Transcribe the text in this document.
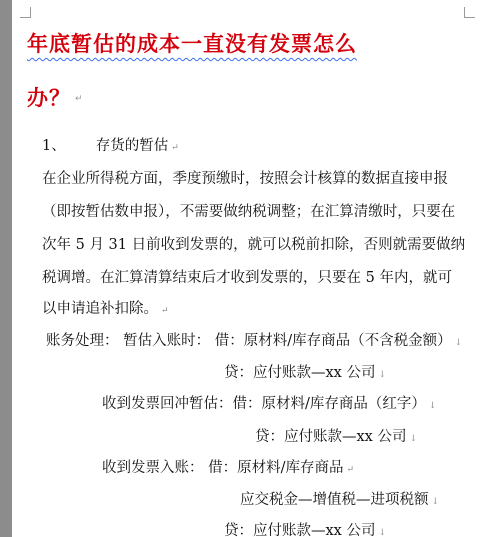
年底暂估的成本一直没有发票怎么
办？ ↵
1、 存货的暂估 ↵
在企业所得税方面，季度预缴时，按照会计核算的数据直接申报
（即按暂估数申报），不需要做纳税调整；在汇算清缴时，只要在
次年 5 月 31 日前收到发票的，就可以税前扣除，否则就需要做纳
税调增。在汇算清算结束后才收到发票的，只要在 5 年内，就可
以申请追补扣除。 ↵
账务处理： 暂估入账时： 借：原材料/库存商品（不含税金额） ↓
贷：应付账款—xx 公司 ↓
收到发票回冲暂估：借：原材料/库存商品（红字） ↓
贷：应付账款—xx 公司 ↓
收到发票入账： 借：原材料/库存商品 ↵
应交税金—增值税—进项税额 ↓
贷：应付账款—xx 公司 ↓
